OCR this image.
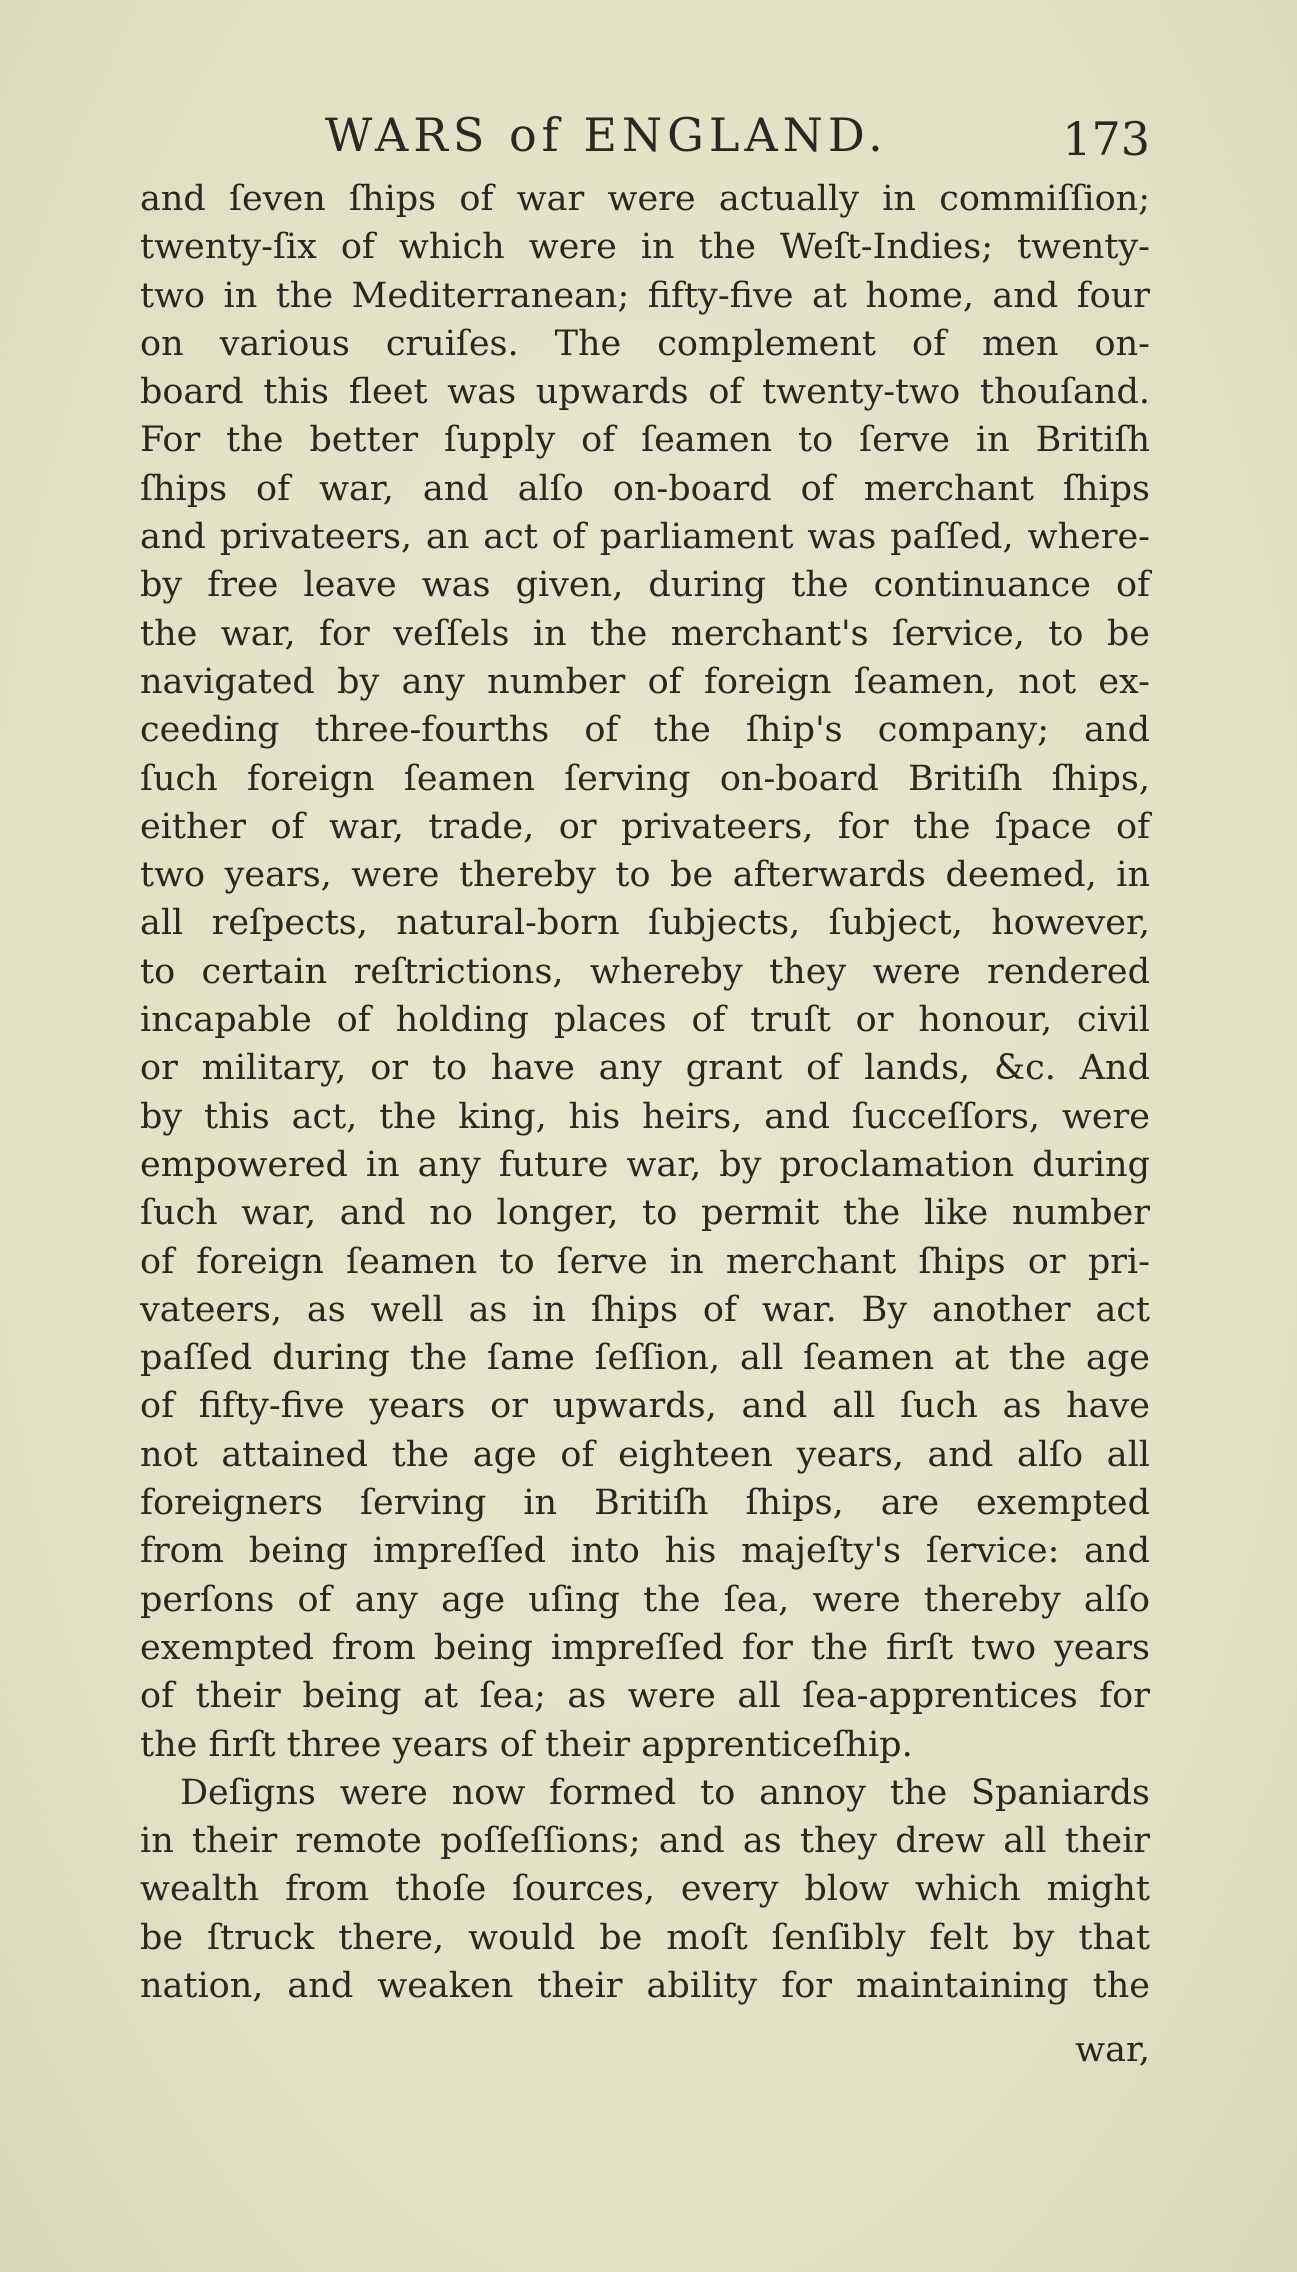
WARS of ENGLAND.	173
and ſeven ſhips of war were actually in commiſſion;
twenty-ſix of which were in the Weſt-Indies; twenty-
two in the Mediterranean; fifty-five at home, and four
on various cruiſes. The complement of men on-
board this fleet was upwards of twenty-two thouſand.
For the better ſupply of ſeamen to ſerve in Britiſh
ſhips of war, and alſo on-board of merchant ſhips
and privateers, an act of parliament was paſſed, where-
by free leave was given, during the continuance of
the war, for veſſels in the merchant's ſervice, to be
navigated by any number of foreign ſeamen, not ex-
ceeding three-fourths of the ſhip's company; and
ſuch foreign ſeamen ſerving on-board Britiſh ſhips,
either of war, trade, or privateers, for the ſpace of
two years, were thereby to be afterwards deemed, in
all reſpects, natural-born ſubjects, ſubject, however,
to certain reſtrictions, whereby they were rendered
incapable of holding places of truſt or honour, civil
or military, or to have any grant of lands, &c. And
by this act, the king, his heirs, and ſucceſſors, were
empowered in any future war, by proclamation during
ſuch war, and no longer, to permit the like number
of foreign ſeamen to ſerve in merchant ſhips or pri-
vateers, as well as in ſhips of war. By another act
paſſed during the ſame ſeſſion, all ſeamen at the age
of fifty-five years or upwards, and all ſuch as have
not attained the age of eighteen years, and alſo all
foreigners ſerving in Britiſh ſhips, are exempted
from being impreſſed into his majeſty's ſervice: and
perſons of any age uſing the ſea, were thereby alſo
exempted from being impreſſed for the firſt two years
of their being at ſea; as were all ſea-apprentices for
the firſt three years of their apprenticeſhip.
Deſigns were now formed to annoy the Spaniards
in their remote poſſeſſions; and as they drew all their
wealth from thoſe ſources, every blow which might
be ſtruck there, would be moſt ſenſibly felt by that
nation, and weaken their ability for maintaining the
war,
